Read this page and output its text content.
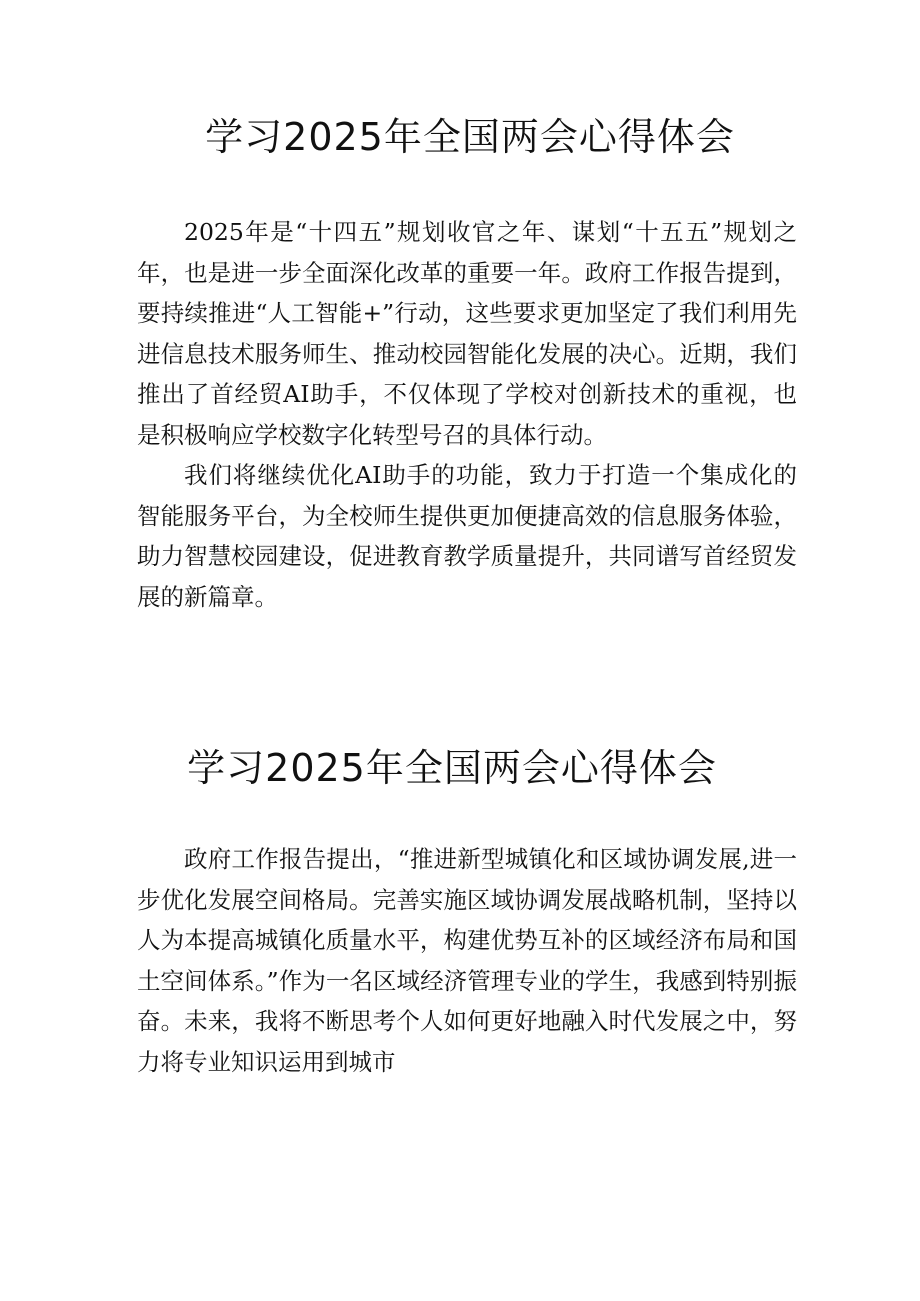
学习2025年全国两会心得体会

2025年是“十四五”规划收官之年、谋划“十五五”规划之年，也是进一步全面深化改革的重要一年。政府工作报告提到，要持续推进“人工智能+”行动，这些要求更加坚定了我们利用先进信息技术服务师生、推动校园智能化发展的决心。近期，我们推出了首经贸AI助手，不仅体现了学校对创新技术的重视，也是积极响应学校数字化转型号召的具体行动。

我们将继续优化AI助手的功能，致力于打造一个集成化的智能服务平台，为全校师生提供更加便捷高效的信息服务体验，助力智慧校园建设，促进教育教学质量提升，共同谱写首经贸发展的新篇章。

学习2025年全国两会心得体会

政府工作报告提出，“推进新型城镇化和区域协调发展,进一步优化发展空间格局。完善实施区域协调发展战略机制，坚持以人为本提高城镇化质量水平，构建优势互补的区域经济布局和国土空间体系。”作为一名区域经济管理专业的学生，我感到特别振奋。未来，我将不断思考个人如何更好地融入时代发展之中，努力将专业知识运用到城市
